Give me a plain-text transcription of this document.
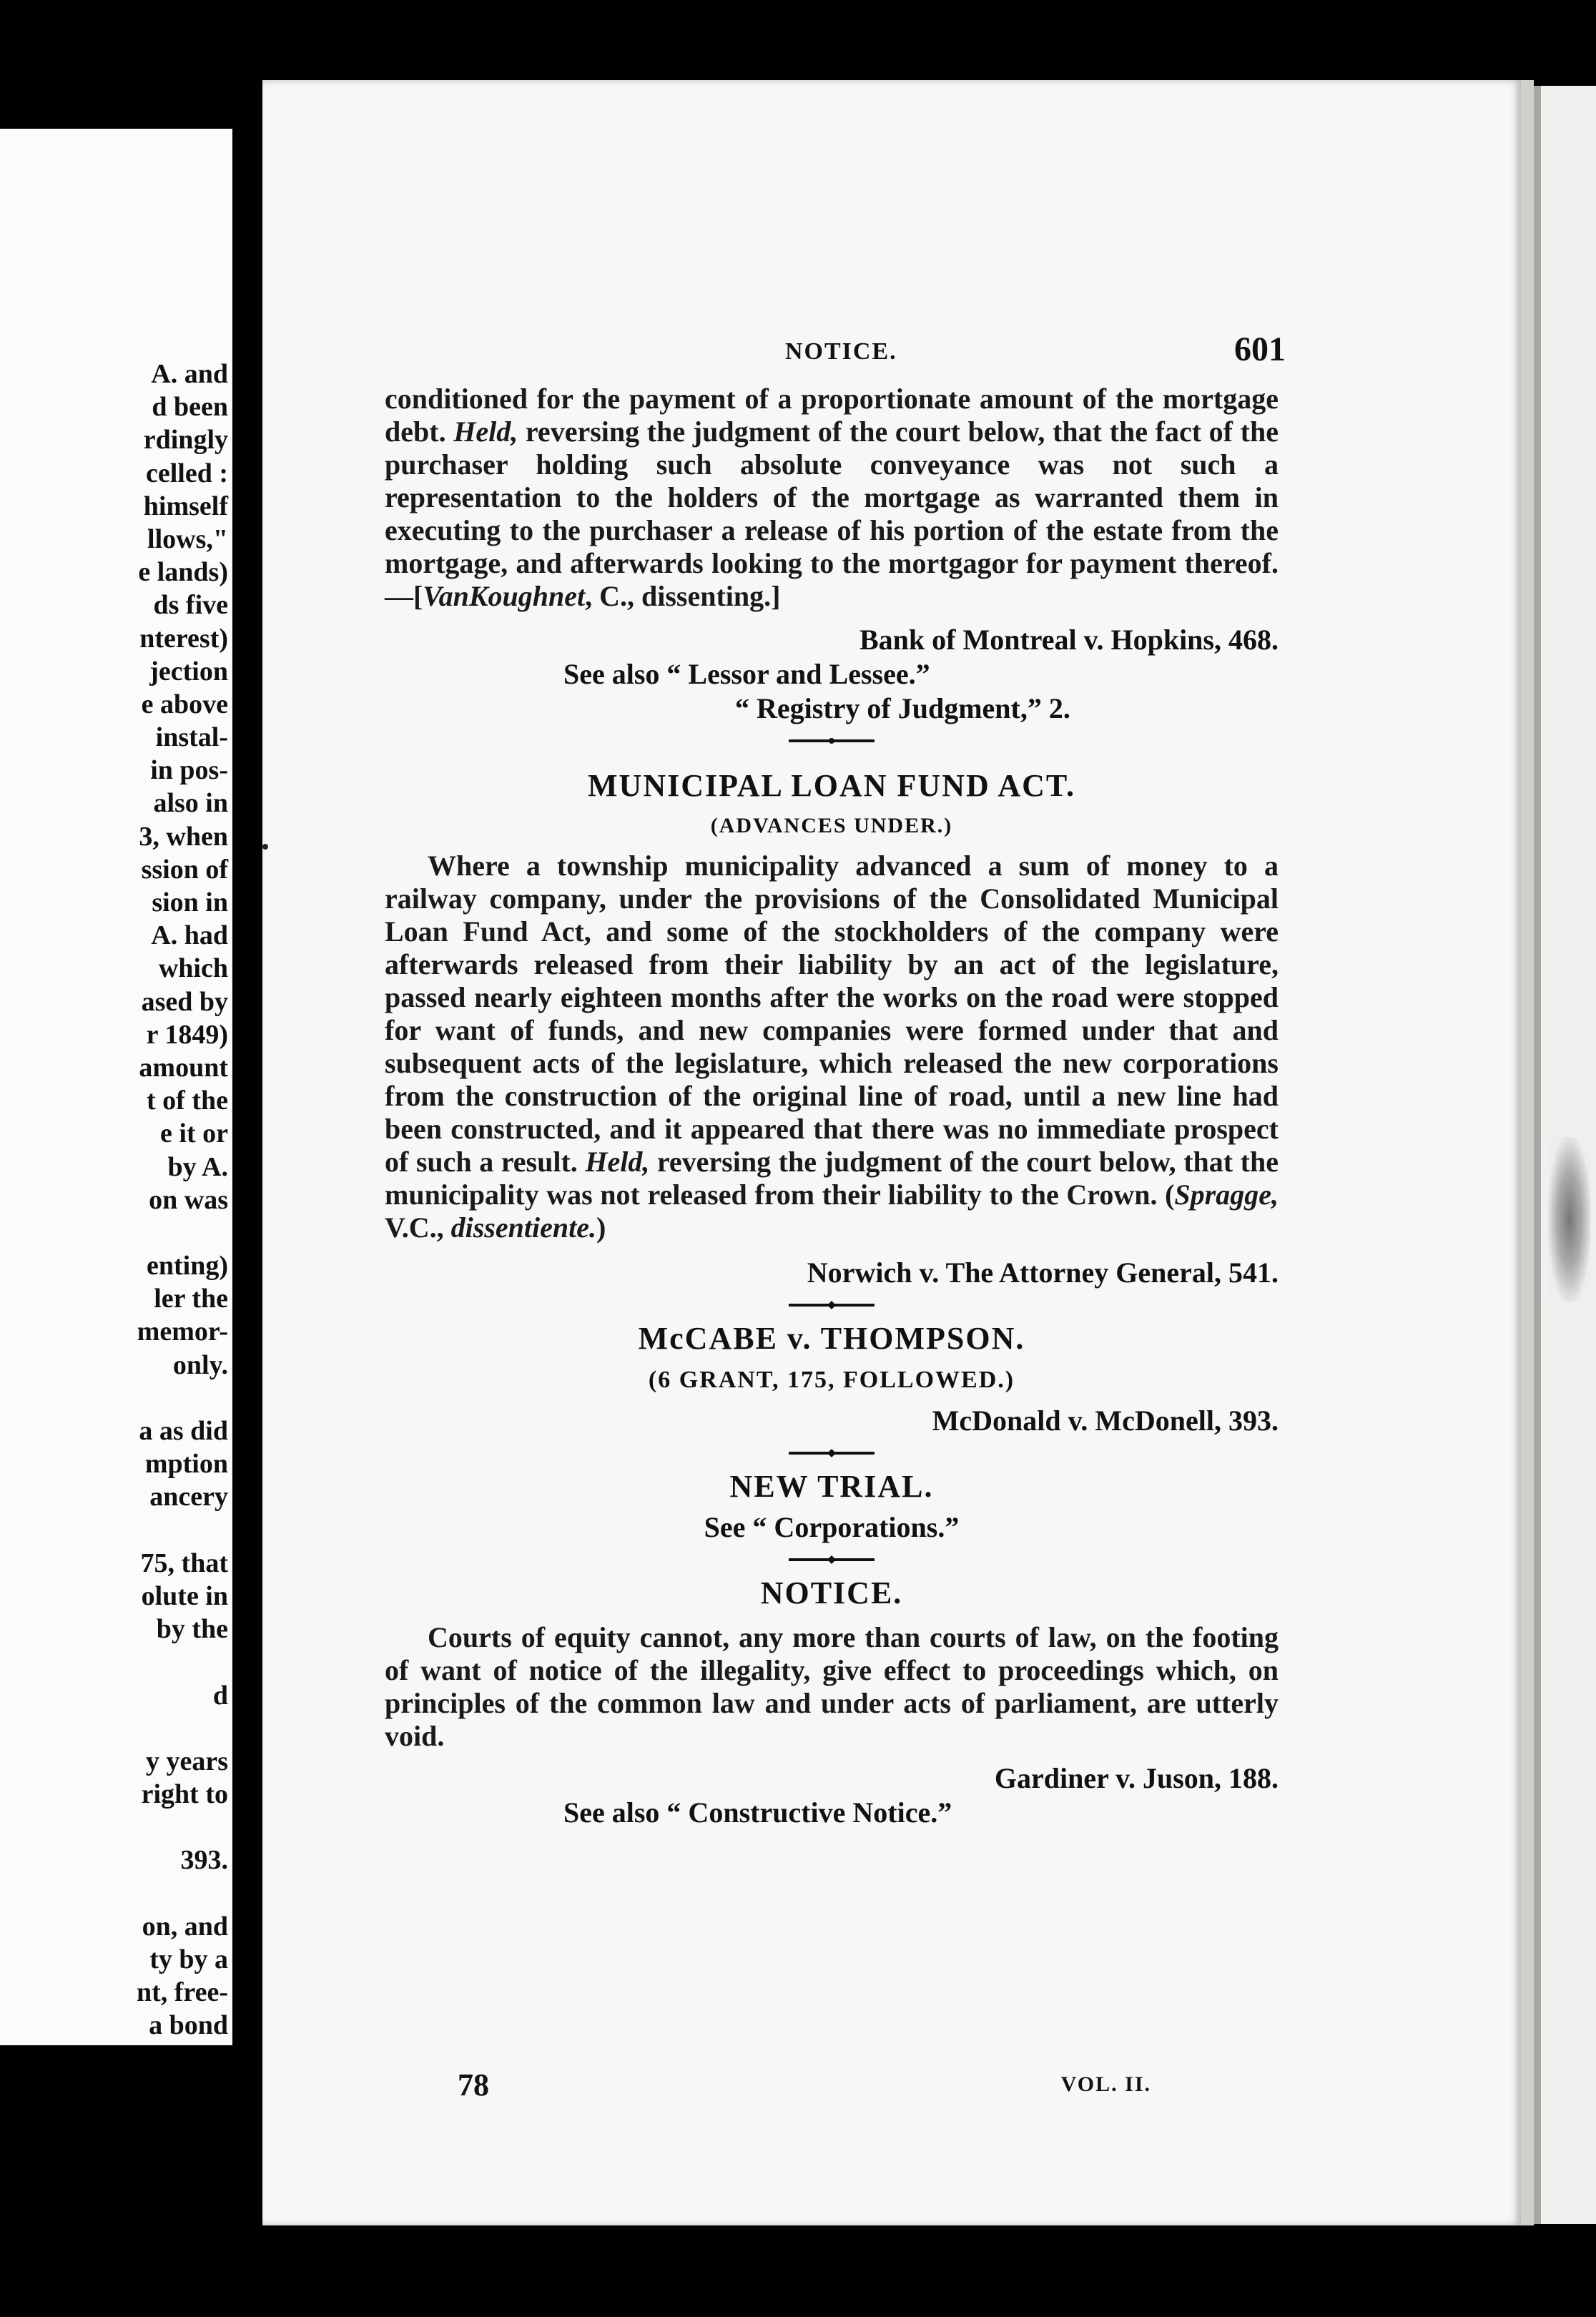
A. and
d been
rdingly
celled :
himself
llows,"
e lands)
ds five
nterest)
jection
e above
instal-
in pos-
also in
3, when
ssion of
sion in
A. had
which
ased by
r 1849)
amount
t of the
e it or
by A.
on was
enting)
ler the
memor-
only.
a as did
mption
ancery
75, that
olute in
by the
d
y years
right to
393.
on, and
ty by a
nt, free-
a bond
NOTICE.	601

conditioned for the payment of a proportionate amount of the mortgage debt. Held, reversing the judgment of the court below, that the fact of the purchaser holding such absolute conveyance was not such a representation to the holders of the mortgage as warranted them in executing to the purchaser a release of his portion of the estate from the mortgage, and afterwards looking to the mortgagor for payment thereof.—[VanKoughnet, C., dissenting.]

Bank of Montreal v. Hopkins, 468.
See also “ Lessor and Lessee.”
“ Registry of Judgment,” 2.
MUNICIPAL LOAN FUND ACT.
(ADVANCES UNDER.)

Where a township municipality advanced a sum of money to a railway company, under the provisions of the Consolidated Municipal Loan Fund Act, and some of the stockholders of the company were afterwards released from their liability by an act of the legislature, passed nearly eighteen months after the works on the road were stopped for want of funds, and new companies were formed under that and subsequent acts of the legislature, which released the new corporations from the construction of the original line of road, until a new line had been constructed, and it appeared that there was no immediate prospect of such a result. Held, reversing the judgment of the court below, that the municipality was not released from their liability to the Crown. (Spragge, V.C., dissentiente.)

Norwich v. The Attorney General, 541.
McCABE v. THOMPSON.
(6 GRANT, 175, FOLLOWED.)
McDonald v. McDonell, 393.
NEW TRIAL.
See “ Corporations.”
NOTICE.

Courts of equity cannot, any more than courts of law, on the footing of want of notice of the illegality, give effect to proceedings which, on principles of the common law and under acts of parliament, are utterly void.

Gardiner v. Juson, 188.
See also “ Constructive Notice.”
78	VOL. II.
